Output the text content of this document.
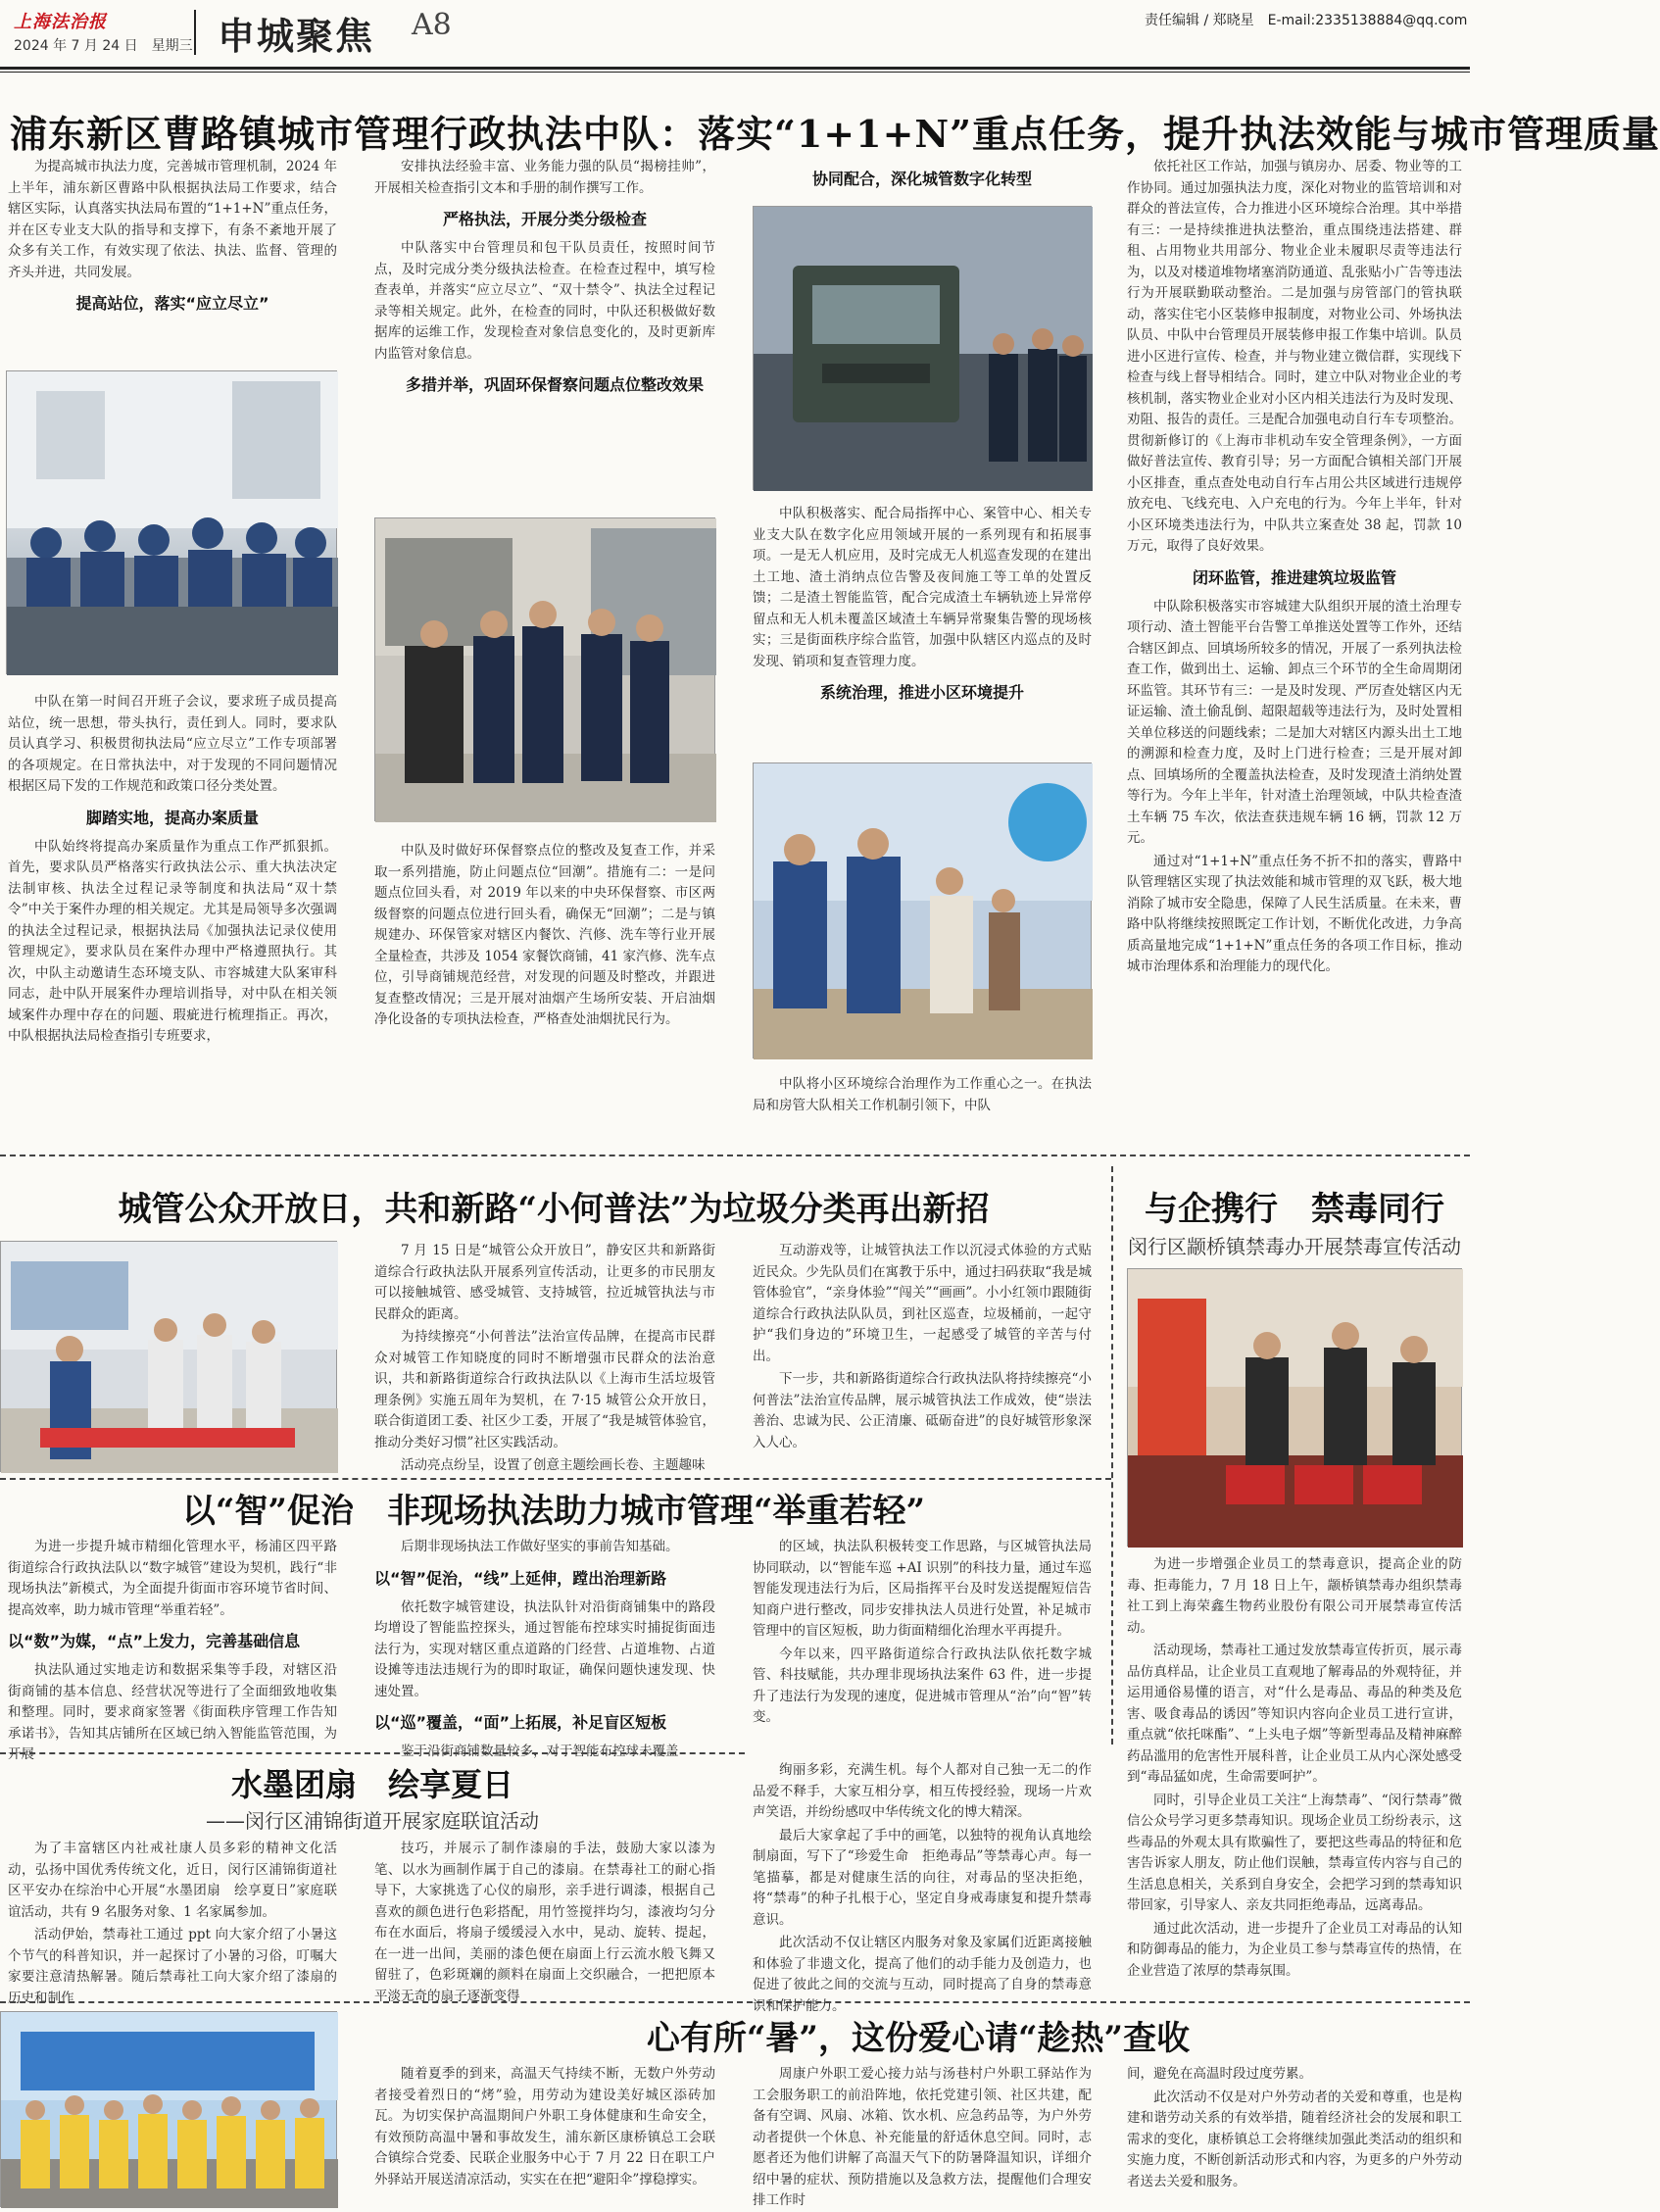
上海法治报
2024 年 7 月 24 日　星期三 申城聚焦 A8	责任编辑 / 郑晓星　E-mail:2335138884@qq.com
浦东新区曹路镇城市管理行政执法中队：落实“1+1+N”重点任务，提升执法效能与城市管理质量

为提高城市执法力度，完善城市管理机制，2024 年上半年，浦东新区曹路中队根据执法局工作要求，结合辖区实际，认真落实执法局布置的“1+1+N”重点任务，并在区专业支大队的指导和支撑下，有条不紊地开展了众多有关工作，有效实现了依法、执法、监督、管理的齐头并进，共同发展。

提高站位，落实“应立尽立”

中队在第一时间召开班子会议，要求班子成员提高站位，统一思想，带头执行，责任到人。同时，要求队员认真学习、积极贯彻执法局“应立尽立”工作专项部署的各项规定。在日常执法中，对于发现的不同问题情况根据区局下发的工作规范和政策口径分类处置。

脚踏实地，提高办案质量

中队始终将提高办案质量作为重点工作严抓狠抓。首先，要求队员严格落实行政执法公示、重大执法决定法制审核、执法全过程记录等制度和执法局“双十禁令”中关于案件办理的相关规定。尤其是局领导多次强调的执法全过程记录，根据执法局《加强执法记录仪使用管理规定》，要求队员在案件办理中严格遵照执行。其次，中队主动邀请生态环境支队、市容城建大队案审科同志，赴中队开展案件办理培训指导，对中队在相关领域案件办理中存在的问题、瑕疵进行梳理指正。再次，中队根据执法局检查指引专班要求，

安排执法经验丰富、业务能力强的队员“揭榜挂帅”，开展相关检查指引文本和手册的制作撰写工作。

严格执法，开展分类分级检查

中队落实中台管理员和包干队员责任，按照时间节点，及时完成分类分级执法检查。在检查过程中，填写检查表单，并落实“应立尽立”、“双十禁令”、执法全过程记录等相关规定。此外，在检查的同时，中队还积极做好数据库的运维工作，发现检查对象信息变化的，及时更新库内监管对象信息。

多措并举，巩固环保督察问题点位整改效果

中队及时做好环保督察点位的整改及复查工作，并采取一系列措施，防止问题点位“回潮”。措施有二：一是问题点位回头看，对 2019 年以来的中央环保督察、市区两级督察的问题点位进行回头看，确保无“回潮”；二是与镇规建办、环保管家对辖区内餐饮、汽修、洗车等行业开展全量检查，共涉及 1054 家餐饮商铺，41 家汽修、洗车点位，引导商铺规范经营，对发现的问题及时整改，并跟进复查整改情况；三是开展对油烟产生场所安装、开启油烟净化设备的专项执法检查，严格查处油烟扰民行为。

协同配合，深化城管数字化转型

中队积极落实、配合局指挥中心、案管中心、相关专业支大队在数字化应用领域开展的一系列现有和拓展事项。一是无人机应用，及时完成无人机巡查发现的在建出土工地、渣土消纳点位告警及夜间施工等工单的处置反馈；二是渣土智能监管，配合完成渣土车辆轨迹上异常停留点和无人机未覆盖区域渣土车辆异常聚集告警的现场核实；三是街面秩序综合监管，加强中队辖区内巡点的及时发现、销项和复查管理力度。

系统治理，推进小区环境提升

中队将小区环境综合治理作为工作重心之一。在执法局和房管大队相关工作机制引领下，中队

依托社区工作站，加强与镇房办、居委、物业等的工作协同。通过加强执法力度，深化对物业的监管培训和对群众的普法宣传，合力推进小区环境综合治理。其中举措有三：一是持续推进执法整治，重点围绕违法搭建、群租、占用物业共用部分、物业企业未履职尽责等违法行为，以及对楼道堆物堵塞消防通道、乱张贴小广告等违法行为开展联勤联动整治。二是加强与房管部门的管执联动，落实住宅小区装修申报制度，对物业公司、外场执法队员、中队中台管理员开展装修申报工作集中培训。队员进小区进行宣传、检查，并与物业建立微信群，实现线下检查与线上督导相结合。同时，建立中队对物业企业的考核机制，落实物业企业对小区内相关违法行为及时发现、劝阻、报告的责任。三是配合加强电动自行车专项整治。贯彻新修订的《上海市非机动车安全管理条例》，一方面做好普法宣传、教育引导；另一方面配合镇相关部门开展小区排查，重点查处电动自行车占用公共区域进行违规停放充电、飞线充电、入户充电的行为。今年上半年，针对小区环境类违法行为，中队共立案查处 38 起，罚款 10 万元，取得了良好效果。

闭环监管，推进建筑垃圾监管

中队除积极落实市容城建大队组织开展的渣土治理专项行动、渣土智能平台告警工单推送处置等工作外，还结合辖区卸点、回填场所较多的情况，开展了一系列执法检查工作，做到出土、运输、卸点三个环节的全生命周期闭环监管。其环节有三：一是及时发现、严厉查处辖区内无证运输、渣土偷乱倒、超限超载等违法行为，及时处置相关单位移送的问题线索；二是加大对辖区内源头出土工地的溯源和检查力度，及时上门进行检查；三是开展对卸点、回填场所的全覆盖执法检查，及时发现渣土消纳处置等行为。今年上半年，针对渣土治理领域，中队共检查渣土车辆 75 车次，依法查获违规车辆 16 辆，罚款 12 万元。

通过对“1+1+N”重点任务不折不扣的落实，曹路中队管理辖区实现了执法效能和城市管理的双飞跃，极大地消除了城市安全隐患，保障了人民生活质量。在未来，曹路中队将继续按照既定工作计划，不断优化改进，力争高质高量地完成“1+1+N”重点任务的各项工作目标，推动城市治理体系和治理能力的现代化。

城管公众开放日，共和新路“小何普法”为垃圾分类再出新招

7 月 15 日是“城管公众开放日”，静安区共和新路街道综合行政执法队开展系列宣传活动，让更多的市民朋友可以接触城管、感受城管、支持城管，拉近城管执法与市民群众的距离。

为持续擦亮“小何普法”法治宣传品牌，在提高市民群众对城管工作知晓度的同时不断增强市民群众的法治意识，共和新路街道综合行政执法队以《上海市生活垃圾管理条例》实施五周年为契机，在 7·15 城管公众开放日，联合街道团工委、社区少工委，开展了“我是城管体验官，推动分类好习惯”社区实践活动。

活动亮点纷呈，设置了创意主题绘画长卷、主题趣味

互动游戏等，让城管执法工作以沉浸式体验的方式贴近民众。少先队员们在寓教于乐中，通过扫码获取“我是城管体验官”，“亲身体验”“闯关”“画画”。小小红领巾跟随街道综合行政执法队队员，到社区巡查，垃圾桶前，一起守护“我们身边的”环境卫生，一起感受了城管的辛苦与付出。

下一步，共和新路街道综合行政执法队将持续擦亮“小何普法”法治宣传品牌，展示城管执法工作成效，使“崇法善治、忠诚为民、公正清廉、砥砺奋进”的良好城管形象深入人心。

与企携行　禁毒同行
闵行区颛桥镇禁毒办开展禁毒宣传活动

为进一步增强企业员工的禁毒意识，提高企业的防毒、拒毒能力，7 月 18 日上午，颛桥镇禁毒办组织禁毒社工到上海荣鑫生物药业股份有限公司开展禁毒宣传活动。

活动现场，禁毒社工通过发放禁毒宣传折页，展示毒品仿真样品，让企业员工直观地了解毒品的外观特征，并运用通俗易懂的语言，对“什么是毒品、毒品的种类及危害、吸食毒品的诱因”等知识内容向企业员工进行宣讲，重点就“依托咪酯”、“上头电子烟”等新型毒品及精神麻醉药品滥用的危害性开展科普，让企业员工从内心深处感受到“毒品猛如虎，生命需要呵护”。

同时，引导企业员工关注“上海禁毒”、“闵行禁毒”微信公众号学习更多禁毒知识。现场企业员工纷纷表示，这些毒品的外观太具有欺骗性了，要把这些毒品的特征和危害告诉家人朋友，防止他们误触，禁毒宣传内容与自己的生活息息相关，关系到自身安全，会把学习到的禁毒知识带回家，引导家人、亲友共同拒绝毒品，远离毒品。

通过此次活动，进一步提升了企业员工对毒品的认知和防御毒品的能力，为企业员工参与禁毒宣传的热情，在企业营造了浓厚的禁毒氛围。

以“智”促治　非现场执法助力城市管理“举重若轻”

为进一步提升城市精细化管理水平，杨浦区四平路街道综合行政执法队以“数字城管”建设为契机，践行“非现场执法”新模式，为全面提升街面市容环境节省时间、提高效率，助力城市管理“举重若轻”。

以“数”为媒，“点”上发力，完善基础信息

执法队通过实地走访和数据采集等手段，对辖区沿街商铺的基本信息、经营状况等进行了全面细致地收集和整理。同时，要求商家签署《街面秩序管理工作告知承诺书》，告知其店铺所在区域已纳入智能监管范围，为开展

后期非现场执法工作做好坚实的事前告知基础。

以“智”促治，“线”上延伸，蹚出治理新路

依托数字城管建设，执法队针对沿街商铺集中的路段均增设了智能监控探头，通过智能布控球实时捕捉街面违法行为，实现对辖区重点道路的门经营、占道堆物、占道设摊等违法违规行为的即时取证，确保问题快速发现、快速处置。

以“巡”覆盖，“面”上拓展，补足盲区短板

鉴于沿街商铺数量较多，对于智能布控球未覆盖

的区域，执法队积极转变工作思路，与区城管执法局协同联动，以“智能车巡 +AI 识别”的科技力量，通过车巡智能发现违法行为后，区局指挥平台及时发送提醒短信告知商户进行整改，同步安排执法人员进行处置，补足城市管理中的盲区短板，助力街面精细化治理水平再提升。

今年以来，四平路街道综合行政执法队依托数字城管、科技赋能，共办理非现场执法案件 63 件，进一步提升了违法行为发现的速度，促进城市管理从“治”向“智”转变。

水墨团扇　绘享夏日
——闵行区浦锦街道开展家庭联谊活动

为了丰富辖区内社戒社康人员多彩的精神文化活动，弘扬中国优秀传统文化，近日，闵行区浦锦街道社区平安办在综治中心开展“水墨团扇　绘享夏日”家庭联谊活动，共有 9 名服务对象、1 名家属参加。

活动伊始，禁毒社工通过 ppt 向大家介绍了小暑这个节气的科普知识，并一起探讨了小暑的习俗，叮嘱大家要注意清热解暑。随后禁毒社工向大家介绍了漆扇的历史和制作

技巧，并展示了制作漆扇的手法，鼓励大家以漆为笔、以水为画制作属于自己的漆扇。在禁毒社工的耐心指导下，大家挑选了心仪的扇形，亲手进行调漆，根据自己喜欢的颜色进行色彩搭配，用竹签搅拌均匀，漆液均匀分布在水面后，将扇子缓缓浸入水中，晃动、旋转、提起，在一进一出间，美丽的漆色便在扇面上行云流水般飞舞又留驻了，色彩斑斓的颜料在扇面上交织融合，一把把原本平淡无奇的扇子逐渐变得

绚丽多彩，充满生机。每个人都对自己独一无二的作品爱不释手，大家互相分享，相互传授经验，现场一片欢声笑语，并纷纷感叹中华传统文化的博大精深。

最后大家拿起了手中的画笔，以独特的视角认真地绘制扇面，写下了“珍爱生命　拒绝毒品”等禁毒心声。每一笔描摹，都是对健康生活的向往，对毒品的坚决拒绝，将“禁毒”的种子扎根于心，坚定自身戒毒康复和提升禁毒意识。

此次活动不仅让辖区内服务对象及家属们近距离接触和体验了非遗文化，提高了他们的动手能力及创造力，也促进了彼此之间的交流与互动，同时提高了自身的禁毒意识和保护能力。

心有所“暑”，这份爱心请“趁热”查收

随着夏季的到来，高温天气持续不断，无数户外劳动者接受着烈日的“烤”验，用劳动为建设美好城区添砖加瓦。为切实保护高温期间户外职工身体健康和生命安全，有效预防高温中暑和事故发生，浦东新区康桥镇总工会联合镇综合党委、民联企业服务中心于 7 月 22 日在职工户外驿站开展送清凉活动，实实在在把“避阳伞”撑稳撑实。

周康户外职工爱心接力站与汤巷村户外职工驿站作为工会服务职工的前沿阵地，依托党建引领、社区共建，配备有空调、风扇、冰箱、饮水机、应急药品等，为户外劳动者提供一个休息、补充能量的舒适休息空间。同时，志愿者还为他们讲解了高温天气下的防暑降温知识，详细介绍中暑的症状、预防措施以及急救方法，提醒他们合理安排工作时

间，避免在高温时段过度劳累。

此次活动不仅是对户外劳动者的关爱和尊重，也是构建和谐劳动关系的有效举措，随着经济社会的发展和职工需求的变化，康桥镇总工会将继续加强此类活动的组织和实施力度，不断创新活动形式和内容，为更多的户外劳动者送去关爱和服务。
